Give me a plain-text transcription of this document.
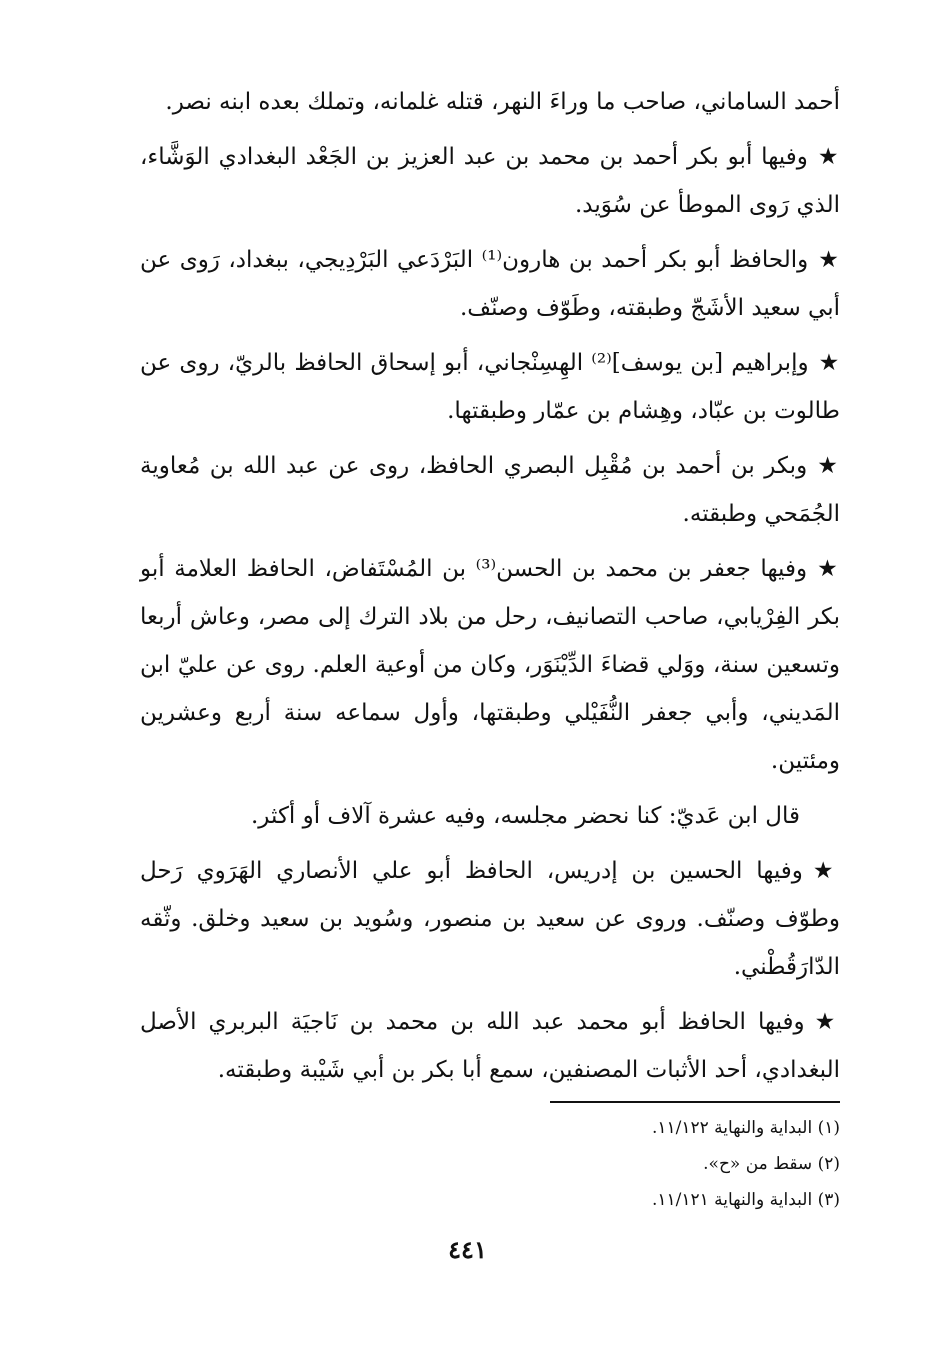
أحمد الساماني، صاحب ما وراءَ النهر، قتله غلمانه، وتملك بعده ابنه نصر.

★وفيها أبو بكر أحمد بن محمد بن عبد العزيز بن الجَعْد البغدادي الوَشَّاء، الذي رَوى الموطأ عن سُوَيد.

★والحافظ أبو بكر أحمد بن هارون⁽¹⁾ البَرْدَعي البَرْدِيجي، ببغداد، رَوى عن أبي سعيد الأشَجّ وطبقته، وطَوّف وصنّف.

★وإبراهيم [بن يوسف]⁽²⁾ الهِسِنْجاني، أبو إسحاق الحافظ بالريّ، روى عن طالوت بن عبّاد، وهِشام بن عمّار وطبقتها.

★وبكر بن أحمد بن مُقْبِل البصري الحافظ، روى عن عبد الله بن مُعاوية الجُمَحي وطبقته.

★وفيها جعفر بن محمد بن الحسن⁽³⁾ بن المُسْتَفاض، الحافظ العلامة أبو بكر الفِرْيابي، صاحب التصانيف، رحل من بلاد الترك إلى مصر، وعاش أربعا وتسعين سنة، ووَلي قضاءَ الدِّيْنَوَر، وكان من أوعية العلم. روى عن عليّ ابن المَديني، وأبي جعفر النُّفَيْلي وطبقتها، وأول سماعه سنة أربع وعشرين ومئتين.

قال ابن عَديّ: كنا نحضر مجلسه، وفيه عشرة آلاف أو أكثر.

★وفيها الحسين بن إدريس، الحافظ أبو علي الأنصاري الهَرَوي رَحل وطوّف وصنّف. وروى عن سعيد بن منصور، وسُويد بن سعيد وخلق. وثّقه الدّارَقُطْني.

★وفيها الحافظ أبو محمد عبد الله بن محمد بن نَاجيَة البربري الأصل البغدادي، أحد الأثبات المصنفين، سمع أبا بكر بن أبي شَيْبة وطبقته.

(١) البداية والنهاية ١١/١٢٢.

(٢) سقط من «ح».

(٣) البداية والنهاية ١١/١٢١.

٤٤١
